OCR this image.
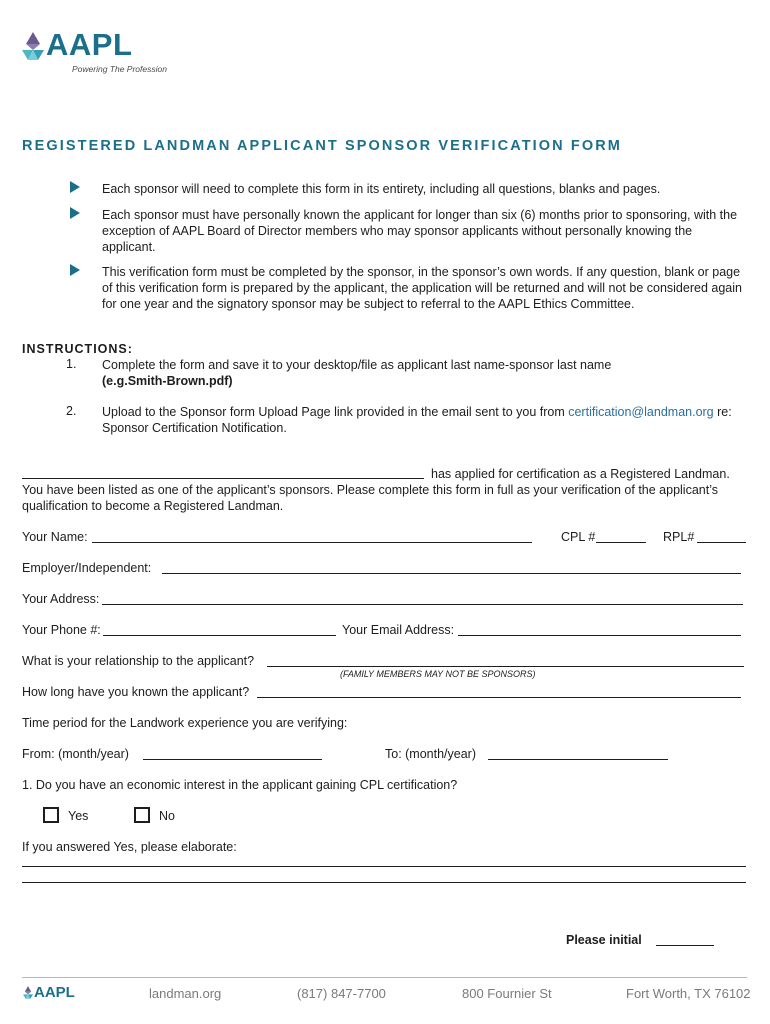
AAPL
Powering The Profession
REGISTERED LANDMAN APPLICANT SPONSOR VERIFICATION FORM
Each sponsor will need to complete this form in its entirety, including all questions, blanks and pages.
Each sponsor must have personally known the applicant for longer than six (6) months prior to sponsoring, with the exception of AAPL Board of Director members who may sponsor applicants without personally knowing the applicant.
This verification form must be completed by the sponsor, in the sponsor’s own words. If any question, blank or page of this verification form is prepared by the applicant, the application will be returned and will not be considered again for one year and the signatory sponsor may be subject to referral to the AAPL Ethics Committee.
INSTRUCTIONS:
1. Complete the form and save it to your desktop/file as applicant last name-sponsor last name
(e.g.Smith-Brown.pdf)
2. Upload to the Sponsor form Upload Page link provided in the email sent to you from certification@landman.org re: Sponsor Certification Notification.
has applied for certification as a Registered Landman.
You have been listed as one of the applicant’s sponsors. Please complete this form in full as your verification of the applicant’s qualification to become a Registered Landman.
Your Name:	CPL #	RPL#
Employer/Independent:
Your Address:
Your Phone #:	Your Email Address:
What is your relationship to the applicant?
(FAMILY MEMBERS MAY NOT BE SPONSORS)
How long have you known the applicant?
Time period for the Landwork experience you are verifying:
From: (month/year)	To: (month/year)
1. Do you have an economic interest in the applicant gaining CPL certification?
Yes	No
If you answered Yes, please elaborate:
Please initial
AAPL	landman.org	(817) 847-7700	800 Fournier St	Fort Worth, TX 76102
